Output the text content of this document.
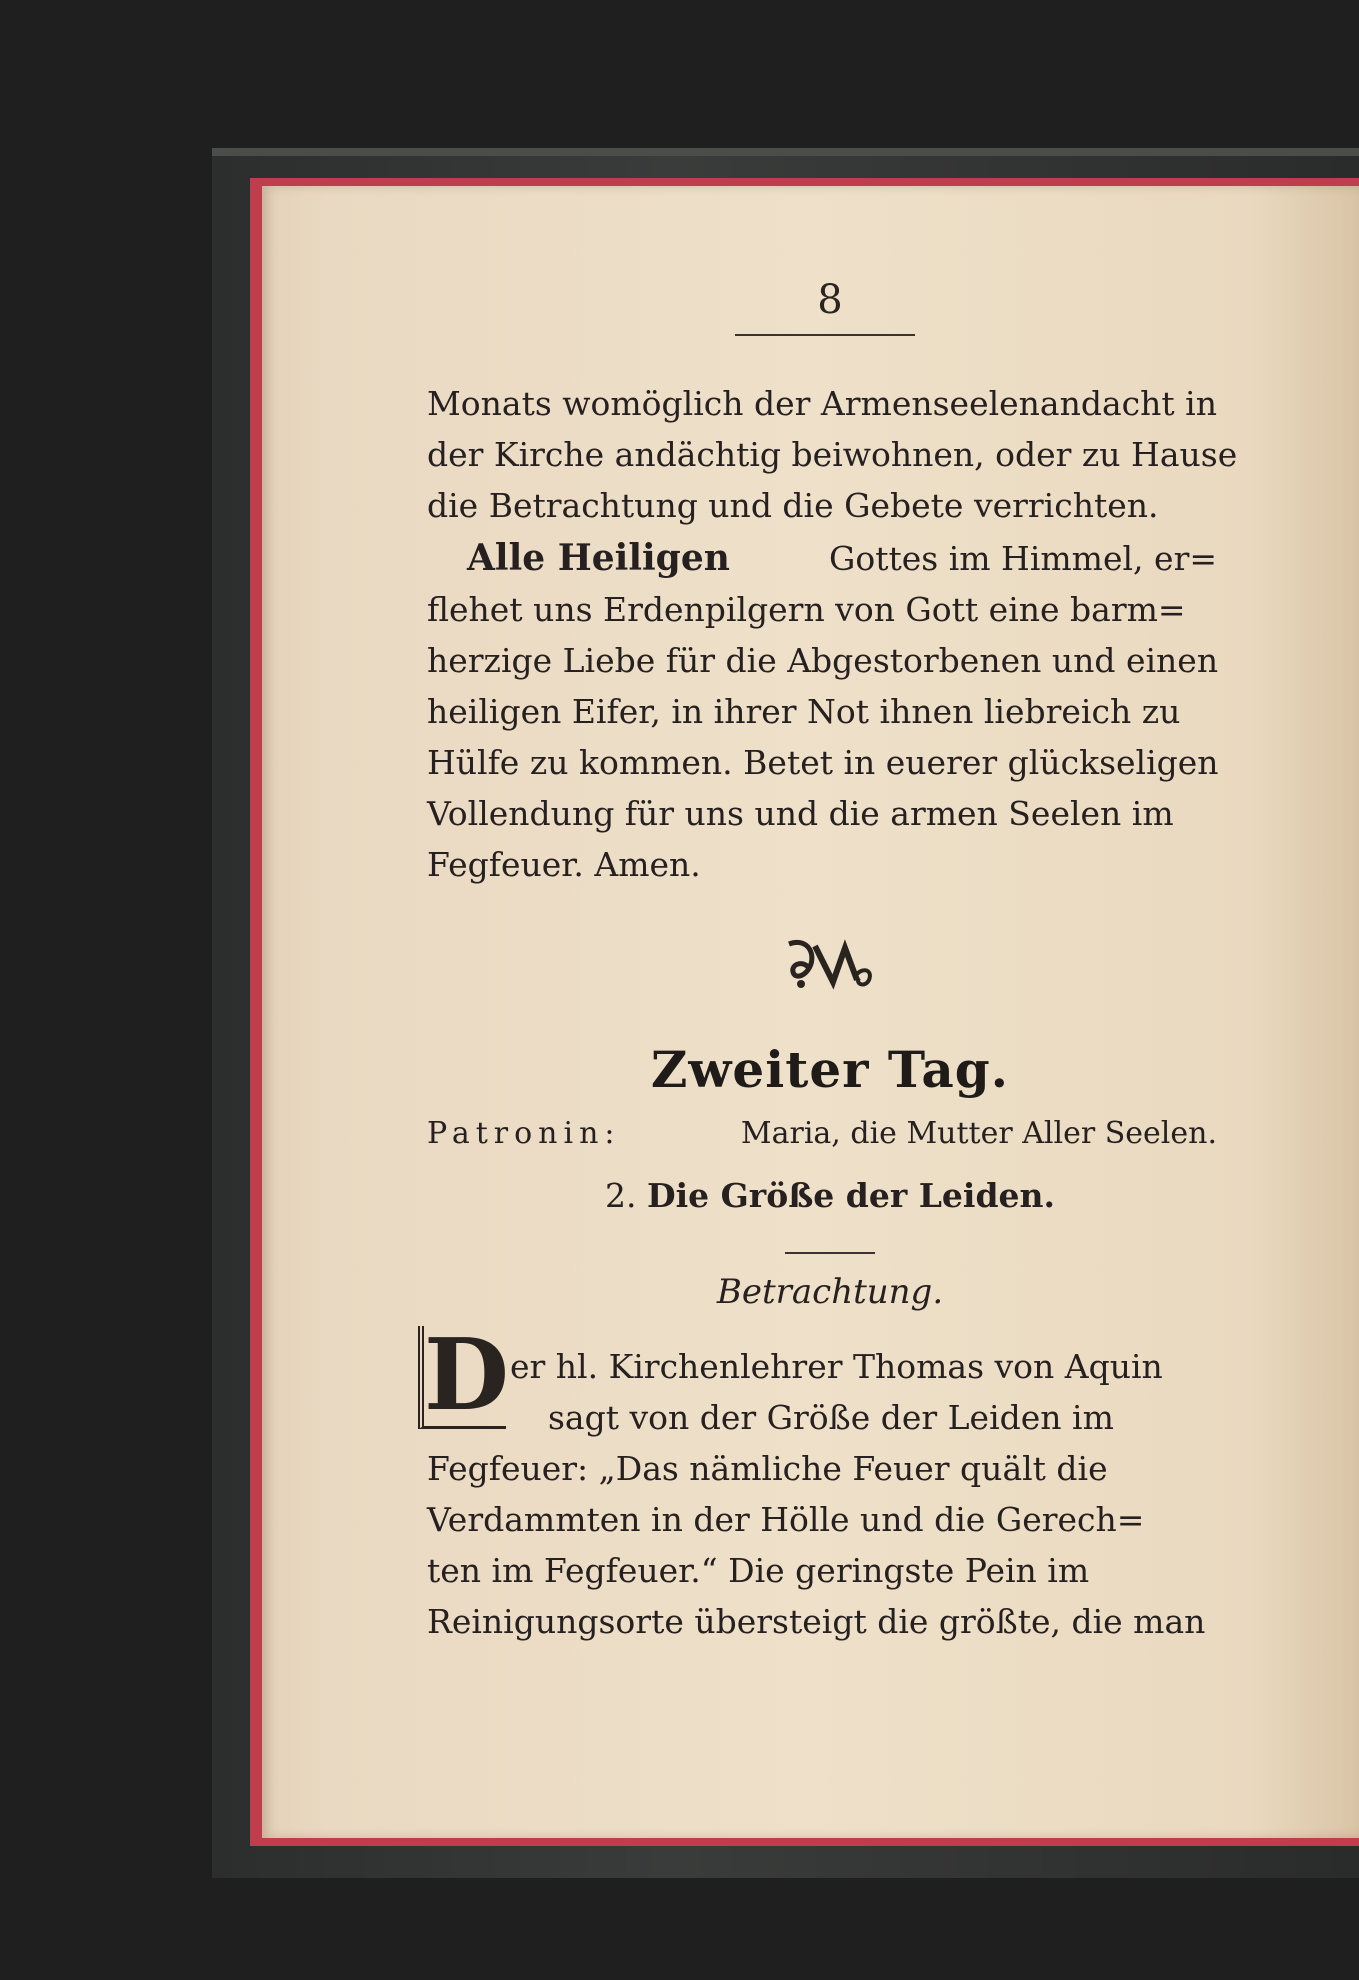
8
Monats womöglich der Armenseelenandacht in
der Kirche andächtig beiwohnen, oder zu Hause
die Betrachtung und die Gebete verrichten.
Alle Heiligen	Gottes im Himmel, er=
flehet uns Erdenpilgern von Gott eine barm=
herzige Liebe für die Abgestorbenen und einen
heiligen Eifer, in ihrer Not ihnen liebreich zu
Hülfe zu kommen. Betet in euerer glückseligen
Vollendung für uns und die armen Seelen im
Fegfeuer. Amen.
Zweiter Tag.
Patronin:	Maria, die Mutter Aller Seelen.
2. Die Größe der Leiden.
Betrachtung.
D er hl. Kirchenlehrer Thomas von Aquin
sagt von der Größe der Leiden im
Fegfeuer: „Das nämliche Feuer quält die
Verdammten in der Hölle und die Gerech=
ten im Fegfeuer.“ Die geringste Pein im
Reinigungsorte übersteigt die größte, die man
